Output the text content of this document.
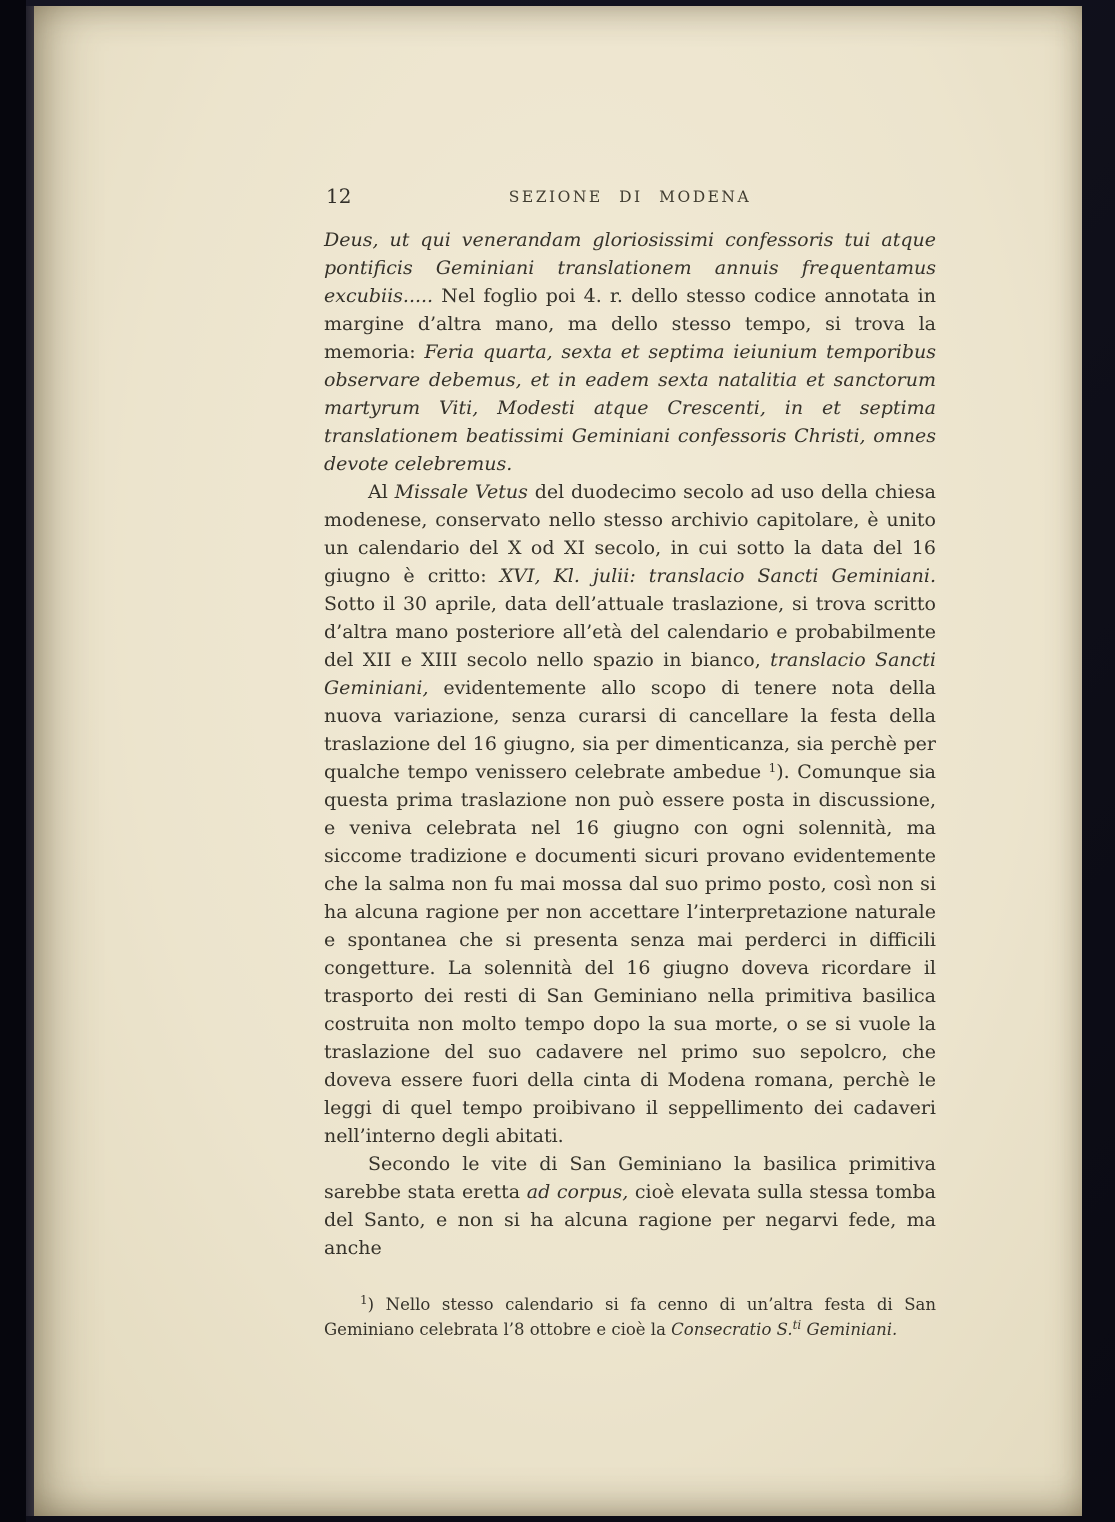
12	SEZIONE DI MODENA

Deus, ut qui venerandam gloriosissimi confessoris tui atque pontificis Geminiani translationem annuis frequentamus excubiis..... Nel foglio poi 4. r. dello stesso codice annotata in margine d’altra mano, ma dello stesso tempo, si trova la memoria: Feria quarta, sexta et septima ieiunium temporibus observare debemus, et in eadem sexta natalitia et sanctorum martyrum Viti, Modesti atque Crescenti, in et septima translationem beatissimi Geminiani confessoris Christi, omnes devote celebremus.

Al Missale Vetus del duodecimo secolo ad uso della chiesa modenese, conservato nello stesso archivio capitolare, è unito un calendario del X od XI secolo, in cui sotto la data del 16 giugno è critto: XVI, Kl. julii: translacio Sancti Geminiani. Sotto il 30 aprile, data dell’attuale traslazione, si trova scritto d’altra mano posteriore all’età del calendario e probabilmente del XII e XIII secolo nello spazio in bianco, translacio Sancti Geminiani, evidentemente allo scopo di tenere nota della nuova variazione, senza curarsi di cancellare la festa della traslazione del 16 giugno, sia per dimenticanza, sia perchè per qualche tempo venissero celebrate ambedue $^1$). Comunque sia questa prima traslazione non può essere posta in discussione, e veniva celebrata nel 16 giugno con ogni solennità, ma siccome tradizione e documenti sicuri provano evidentemente che la salma non fu mai mossa dal suo primo posto, così non si ha alcuna ragione per non accettare l’interpretazione naturale e spontanea che si presenta senza mai perderci in difficili congetture. La solennità del 16 giugno doveva ricordare il trasporto dei resti di San Geminiano nella primitiva basilica costruita non molto tempo dopo la sua morte, o se si vuole la traslazione del suo cadavere nel primo suo sepolcro, che doveva essere fuori della cinta di Modena romana, perchè le leggi di quel tempo proibivano il seppellimento dei cadaveri nell’interno degli abitati.

Secondo le vite di San Geminiano la basilica primitiva sarebbe stata eretta ad corpus, cioè elevata sulla stessa tomba del Santo, e non si ha alcuna ragione per negarvi fede, ma anche

$^1$) Nello stesso calendario si fa cenno di un’altra festa di San Geminiano celebrata l’8 ottobre e cioè la Consecratio S.$^{ti}$ Geminiani.
